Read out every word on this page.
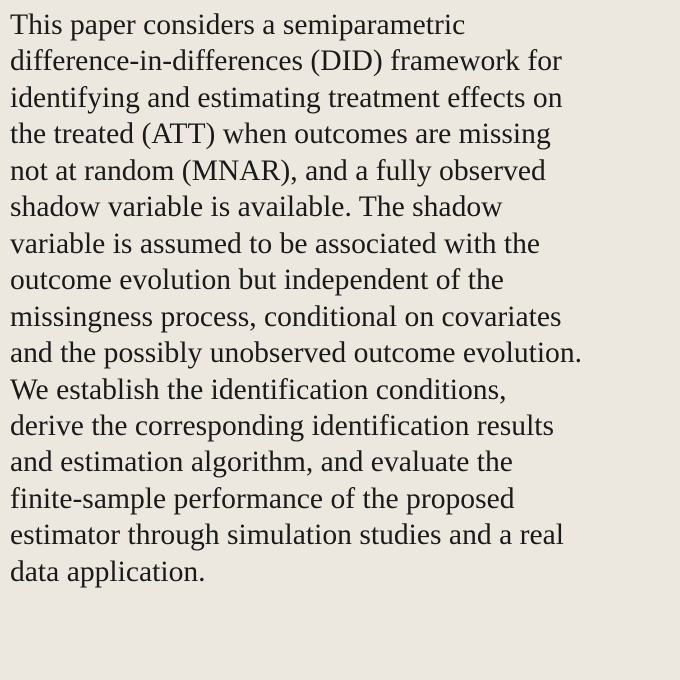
This paper considers a semiparametric
difference-in-differences (DID) framework for
identifying and estimating treatment effects on
the treated (ATT) when outcomes are missing
not at random (MNAR), and a fully observed
shadow variable is available. The shadow
variable is assumed to be associated with the
outcome evolution but independent of the
missingness process, conditional on covariates
and the possibly unobserved outcome evolution.
We establish the identification conditions,
derive the corresponding identification results
and estimation algorithm, and evaluate the
finite-sample performance of the proposed
estimator through simulation studies and a real
data application.
